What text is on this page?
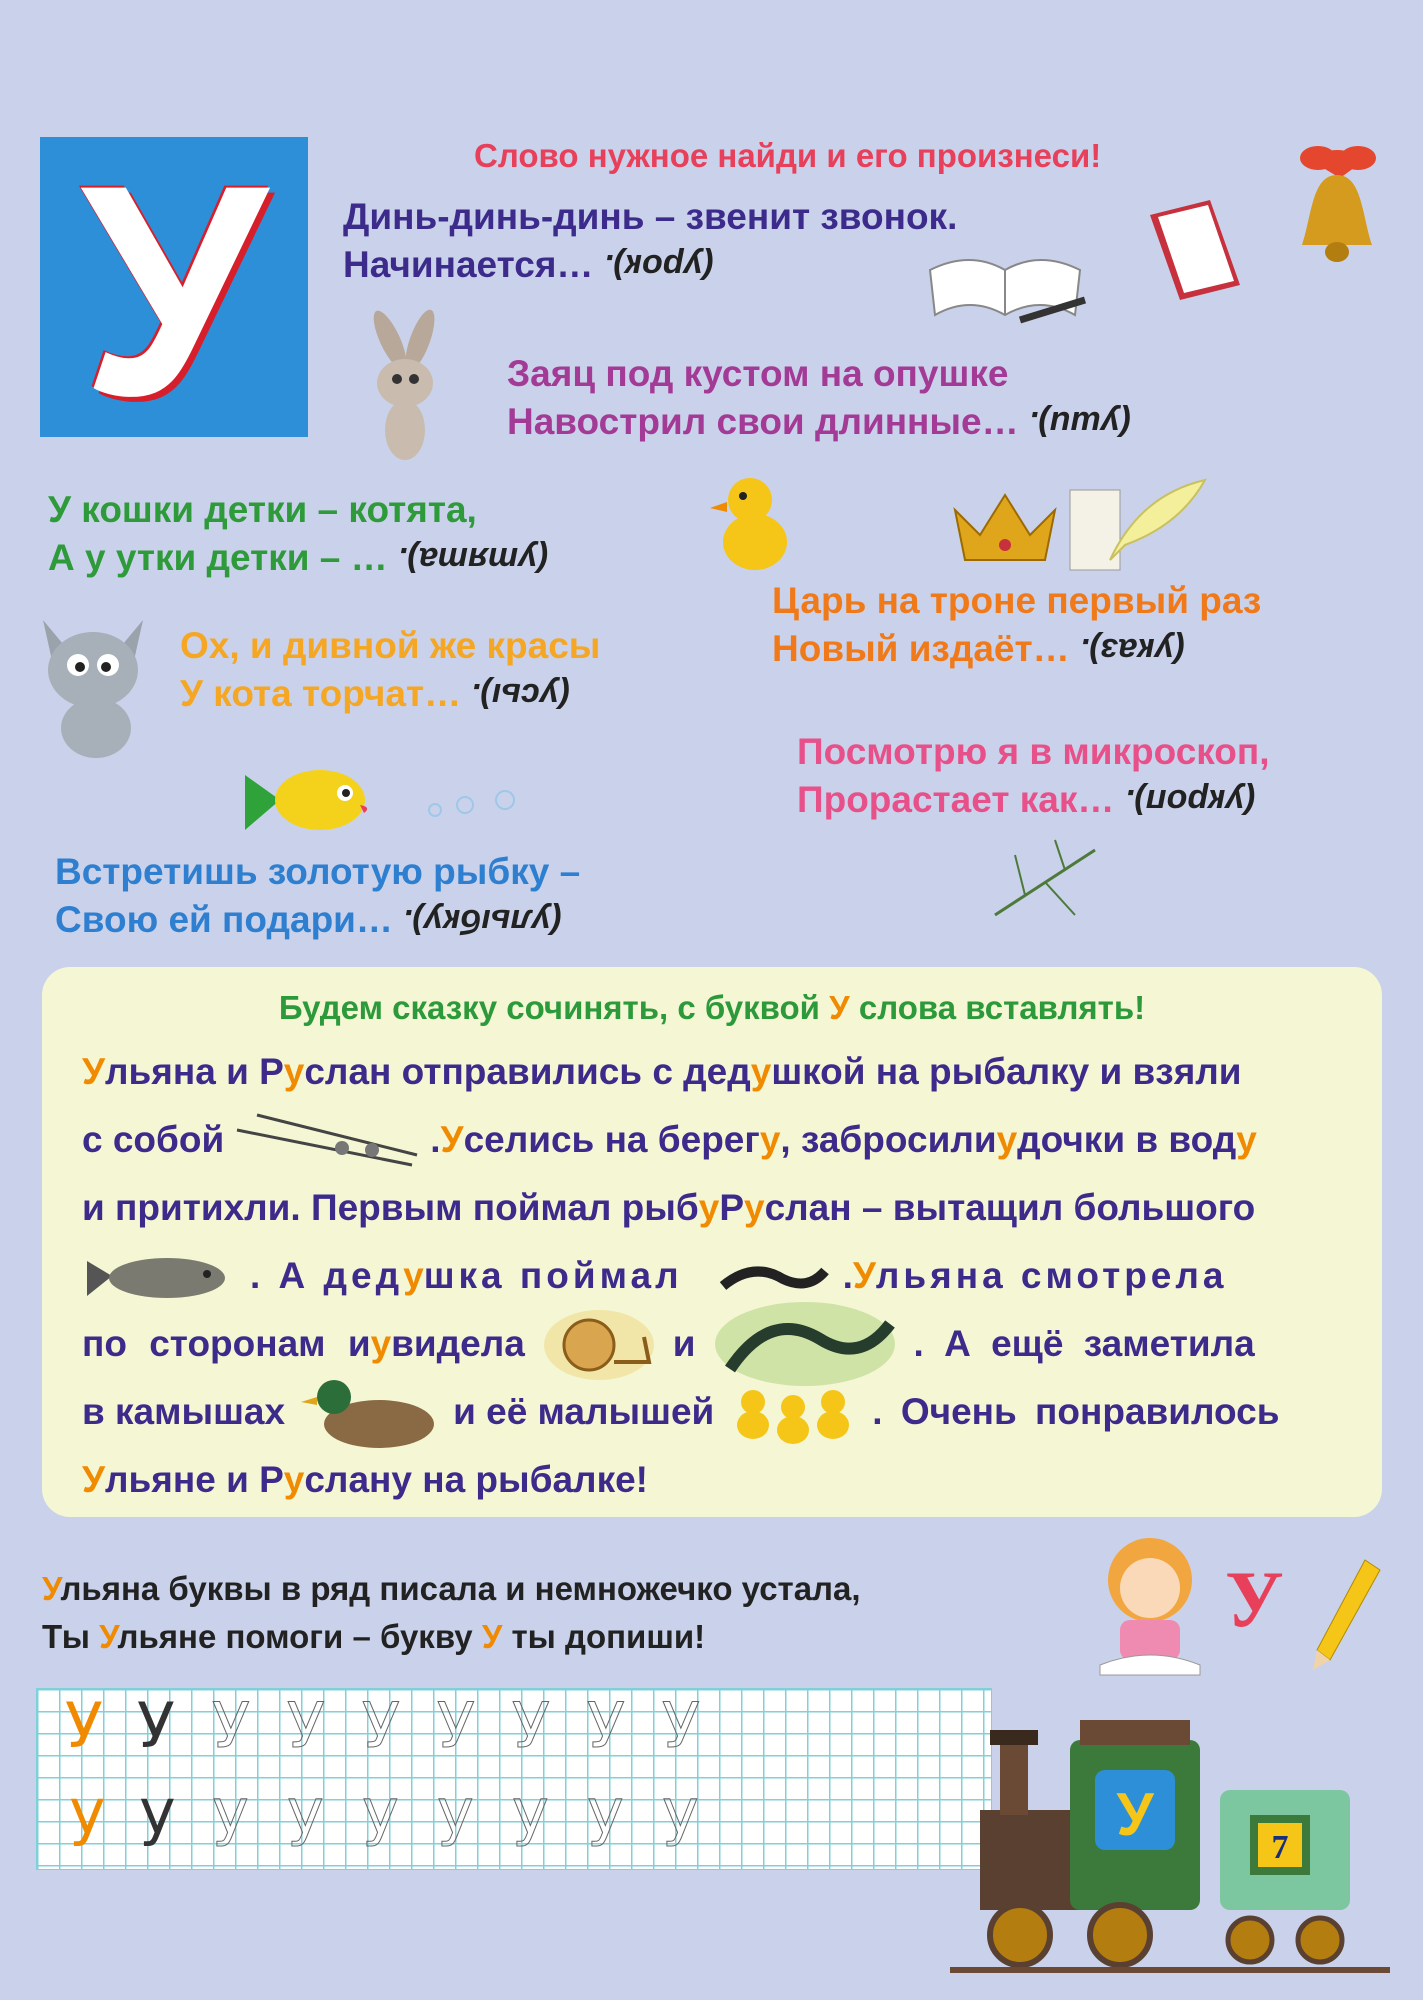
У	Слово нужное найди и его произнеси!
Динь-динь-динь – звенит звонок.
Начинается… (урок).
Заяц под кустом на опушке
Навострил свои длинные… (уши).
У кошки детки – котята,
А у утки детки – … (утята).
Царь на троне первый раз
Новый издаёт… (указ).
Ох, и дивной же красы
У кота торчат… (усы).
Посмотрю я в микроскоп,
Прорастает как… (укроп).
Встретишь золотую рыбку –
Свою ей подари… (улыбку).
Будем сказку сочинять, с буквой У слова вставлять!
У льяна и Р у слан отправились с дед у шкой на рыбалку и взяли
с собой	. У селись на берег у , забросили у дочки в вод у
и притихли. Первым поймал рыб у Р у слан – вытащил большого
. А дед у шка поймал	. У льяна смотрела
по сторонам и у видела	и	. А ещё заметила
в камышах	и её малышей	. Очень понравилось
У льяне и Р у слану на рыбалке!
Ульяна буквы в ряд писала и немножечко устала,
Ты Ульяне помоги – букву У ты допиши!	У
У У У У У У У У У
у у у у у у у у у	У	7
